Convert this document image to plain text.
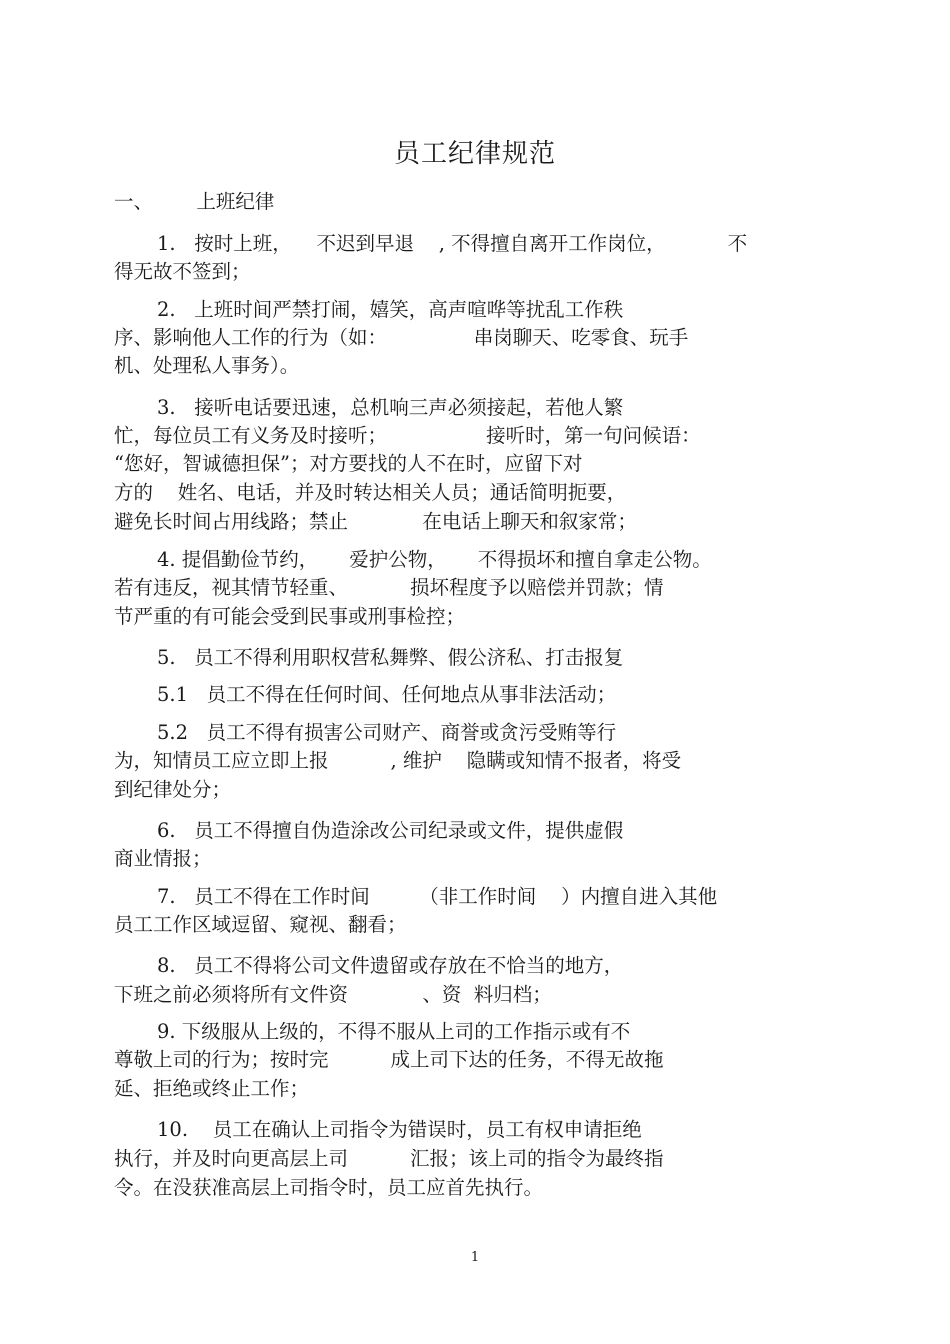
员工纪律规范
一、       上班纪律
1.   按时上班，    不迟到早退    , 不得擅自离开工作岗位，          不
得无故不签到；
2.   上班时间严禁打闹，嬉笑，高声喧哗等扰乱工作秩
序、影响他人工作的行为（如：              串岗聊天、吃零食、玩手
机、处理私人事务）。
3.   接听电话要迅速，总机响三声必须接起，若他人繁
忙，每位员工有义务及时接听；                接听时，第一句问候语：
“您好，智诚德担保”；对方要找的人不在时，应留下对
方的    姓名、电话，并及时转达相关人员；通话简明扼要，
避免长时间占用线路；禁止            在电话上聊天和叙家常；
4. 提倡勤俭节约，     爱护公物，     不得损坏和擅自拿走公物。
若有违反，视其情节轻重、          损坏程度予以赔偿并罚款；情
节严重的有可能会受到民事或刑事检控；
5.   员工不得利用职权营私舞弊、假公济私、打击报复
5.1   员工不得在任何时间、任何地点从事非法活动；
5.2   员工不得有损害公司财产、商誉或贪污受贿等行
为，知情员工应立即上报          , 维护    隐瞒或知情不报者，将受
到纪律处分；
6.   员工不得擅自伪造涂改公司纪录或文件，提供虚假
商业情报；
7.   员工不得在工作时间        （非工作时间    ）内擅自进入其他
员工工作区域逗留、窥视、翻看；
8.   员工不得将公司文件遗留或存放在不恰当的地方，
下班之前必须将所有文件资            、资  料归档；
9. 下级服从上级的，不得不服从上司的工作指示或有不
尊敬上司的行为；按时完          成上司下达的任务，不得无故拖
延、拒绝或终止工作；
10.    员工在确认上司指令为错误时，员工有权申请拒绝
执行，并及时向更高层上司          汇报；该上司的指令为最终指
令。在没获准高层上司指令时，员工应首先执行。
1
